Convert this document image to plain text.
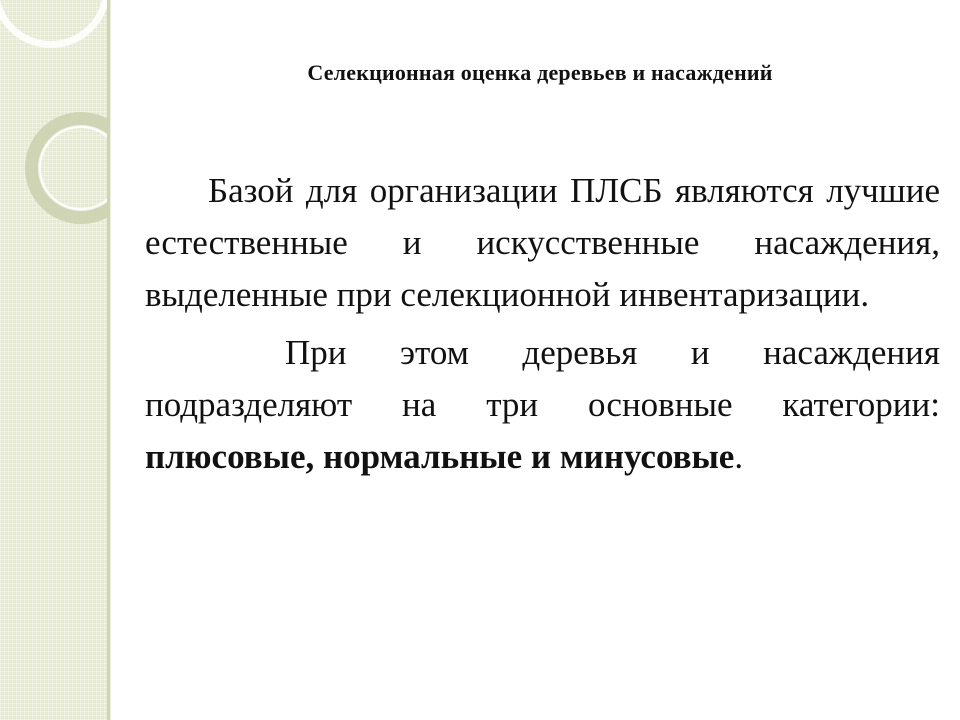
Селекционная оценка деревьев и насаждений

Базой для организации ПЛСБ являются лучшие естественные и искусственные насаждения, выделенные при селекционной инвентаризации.

При этом деревья и насаждения подразделяют на три основные категории: плюсовые, нормальные и минусовые.
